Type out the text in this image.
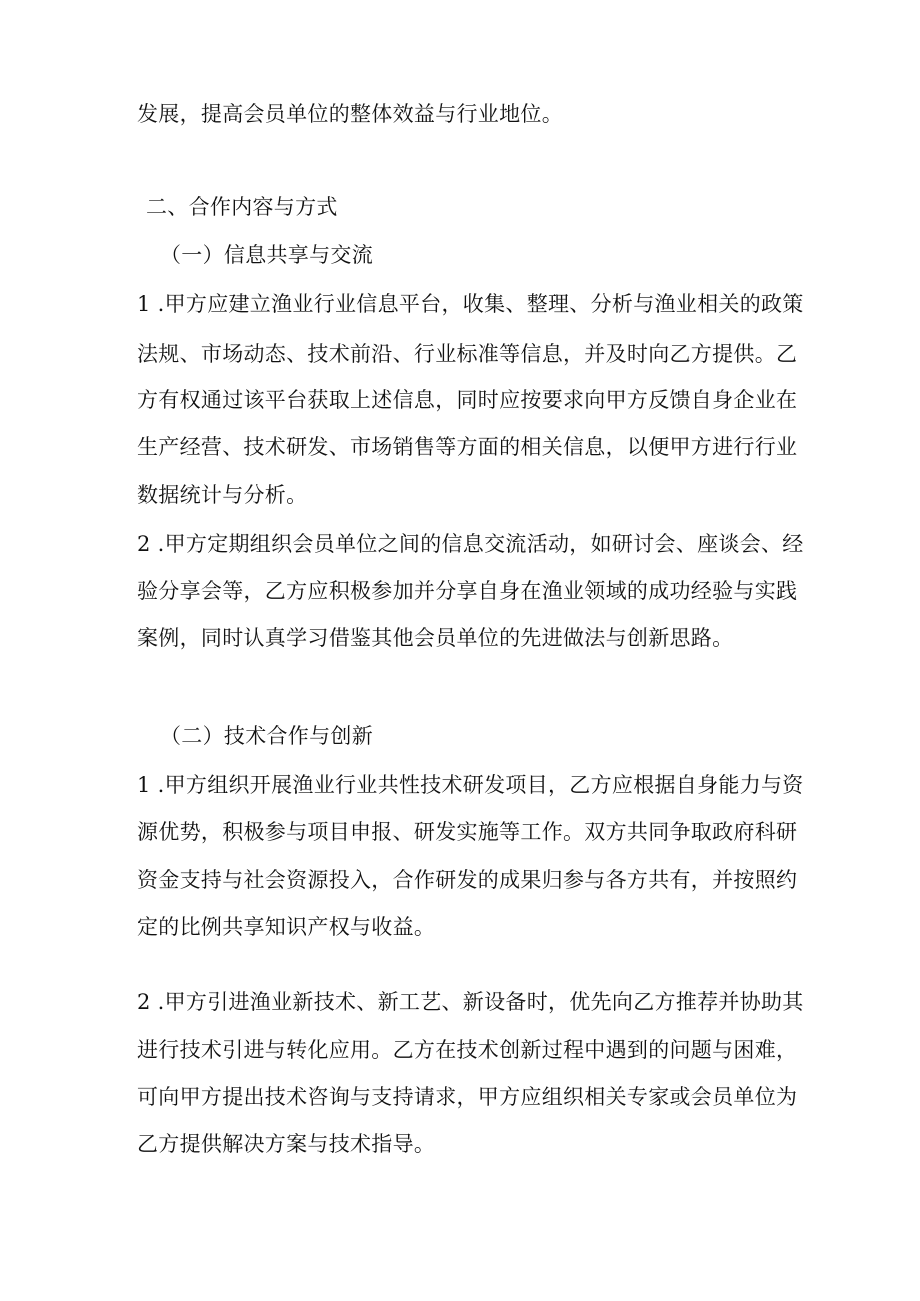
发展，提高会员单位的整体效益与行业地位。
二、合作内容与方式
（一）信息共享与交流
1 .甲方应建立渔业行业信息平台，收集、整理、分析与渔业相关的政策
法规、市场动态、技术前沿、行业标准等信息，并及时向乙方提供。乙
方有权通过该平台获取上述信息，同时应按要求向甲方反馈自身企业在
生产经营、技术研发、市场销售等方面的相关信息，以便甲方进行行业
数据统计与分析。
2 .甲方定期组织会员单位之间的信息交流活动，如研讨会、座谈会、经
验分享会等，乙方应积极参加并分享自身在渔业领域的成功经验与实践
案例，同时认真学习借鉴其他会员单位的先进做法与创新思路。
（二）技术合作与创新
1 .甲方组织开展渔业行业共性技术研发项目，乙方应根据自身能力与资
源优势，积极参与项目申报、研发实施等工作。双方共同争取政府科研
资金支持与社会资源投入，合作研发的成果归参与各方共有，并按照约
定的比例共享知识产权与收益。
2 .甲方引进渔业新技术、新工艺、新设备时，优先向乙方推荐并协助其
进行技术引进与转化应用。乙方在技术创新过程中遇到的问题与困难，
可向甲方提出技术咨询与支持请求，甲方应组织相关专家或会员单位为
乙方提供解决方案与技术指导。
